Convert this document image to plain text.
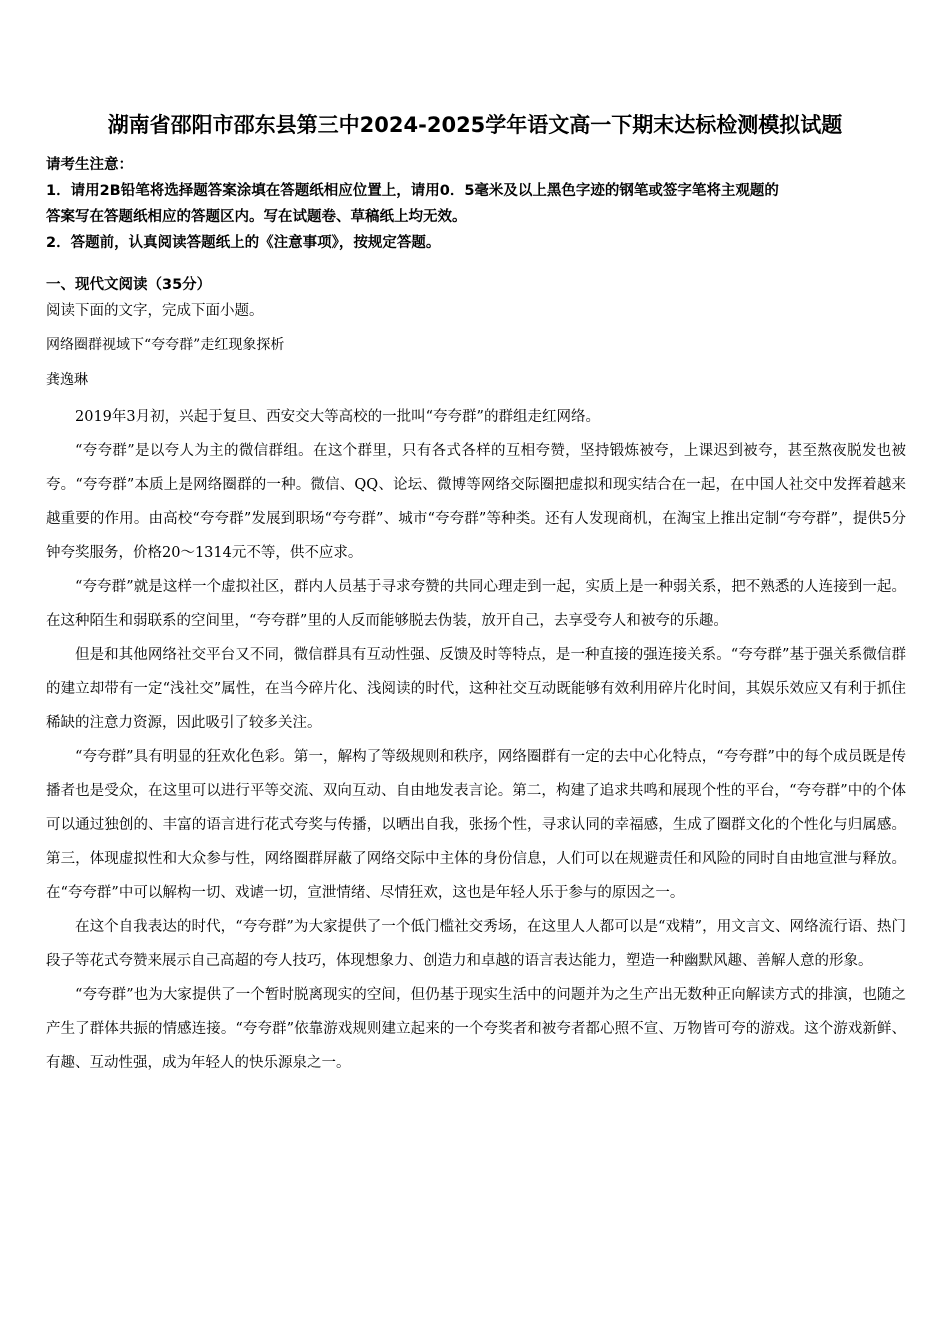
湖南省邵阳市邵东县第三中2024-2025学年语文高一下期末达标检测模拟试题
请考生注意：
1．请用2B铅笔将选择题答案涂填在答题纸相应位置上，请用0．5毫米及以上黑色字迹的钢笔或签字笔将主观题的
答案写在答题纸相应的答题区内。写在试题卷、草稿纸上均无效。
2．答题前，认真阅读答题纸上的《注意事项》，按规定答题。
一、现代文阅读（35分）
阅读下面的文字，完成下面小题。
网络圈群视域下“夸夸群”走红现象探析
龚逸琳

2019年3月初，兴起于复旦、西安交大等高校的一批叫“夸夸群”的群组走红网络。

“夸夸群”是以夸人为主的微信群组。在这个群里，只有各式各样的互相夸赞，坚持锻炼被夸，上课迟到被夸，甚至熬夜脱发也被夸。“夸夸群”本质上是网络圈群的一种。微信、QQ、论坛、微博等网络交际圈把虚拟和现实结合在一起，在中国人社交中发挥着越来越重要的作用。由高校“夸夸群”发展到职场“夸夸群”、城市“夸夸群”等种类。还有人发现商机，在淘宝上推出定制“夸夸群”，提供5分钟夸奖服务，价格20～1314元不等，供不应求。

“夸夸群”就是这样一个虚拟社区，群内人员基于寻求夸赞的共同心理走到一起，实质上是一种弱关系，把不熟悉的人连接到一起。在这种陌生和弱联系的空间里，“夸夸群”里的人反而能够脱去伪装，放开自己，去享受夸人和被夸的乐趣。

但是和其他网络社交平台又不同，微信群具有互动性强、反馈及时等特点，是一种直接的强连接关系。“夸夸群”基于强关系微信群的建立却带有一定“浅社交”属性，在当今碎片化、浅阅读的时代，这种社交互动既能够有效利用碎片化时间，其娱乐效应又有利于抓住稀缺的注意力资源，因此吸引了较多关注。

“夸夸群”具有明显的狂欢化色彩。第一，解构了等级规则和秩序，网络圈群有一定的去中心化特点，“夸夸群”中的每个成员既是传播者也是受众，在这里可以进行平等交流、双向互动、自由地发表言论。第二，构建了追求共鸣和展现个性的平台，“夸夸群”中的个体可以通过独创的、丰富的语言进行花式夸奖与传播，以晒出自我，张扬个性，寻求认同的幸福感，生成了圈群文化的个性化与归属感。第三，体现虚拟性和大众参与性，网络圈群屏蔽了网络交际中主体的身份信息，人们可以在规避责任和风险的同时自由地宣泄与释放。在“夸夸群”中可以解构一切、戏谑一切，宣泄情绪、尽情狂欢，这也是年轻人乐于参与的原因之一。

在这个自我表达的时代，“夸夸群”为大家提供了一个低门槛社交秀场，在这里人人都可以是“戏精”，用文言文、网络流行语、热门段子等花式夸赞来展示自己高超的夸人技巧，体现想象力、创造力和卓越的语言表达能力，塑造一种幽默风趣、善解人意的形象。

“夸夸群”也为大家提供了一个暂时脱离现实的空间，但仍基于现实生活中的问题并为之生产出无数种正向解读方式的排演，也随之产生了群体共振的情感连接。“夸夸群”依靠游戏规则建立起来的一个夸奖者和被夸者都心照不宣、万物皆可夸的游戏。这个游戏新鲜、有趣、互动性强，成为年轻人的快乐源泉之一。
